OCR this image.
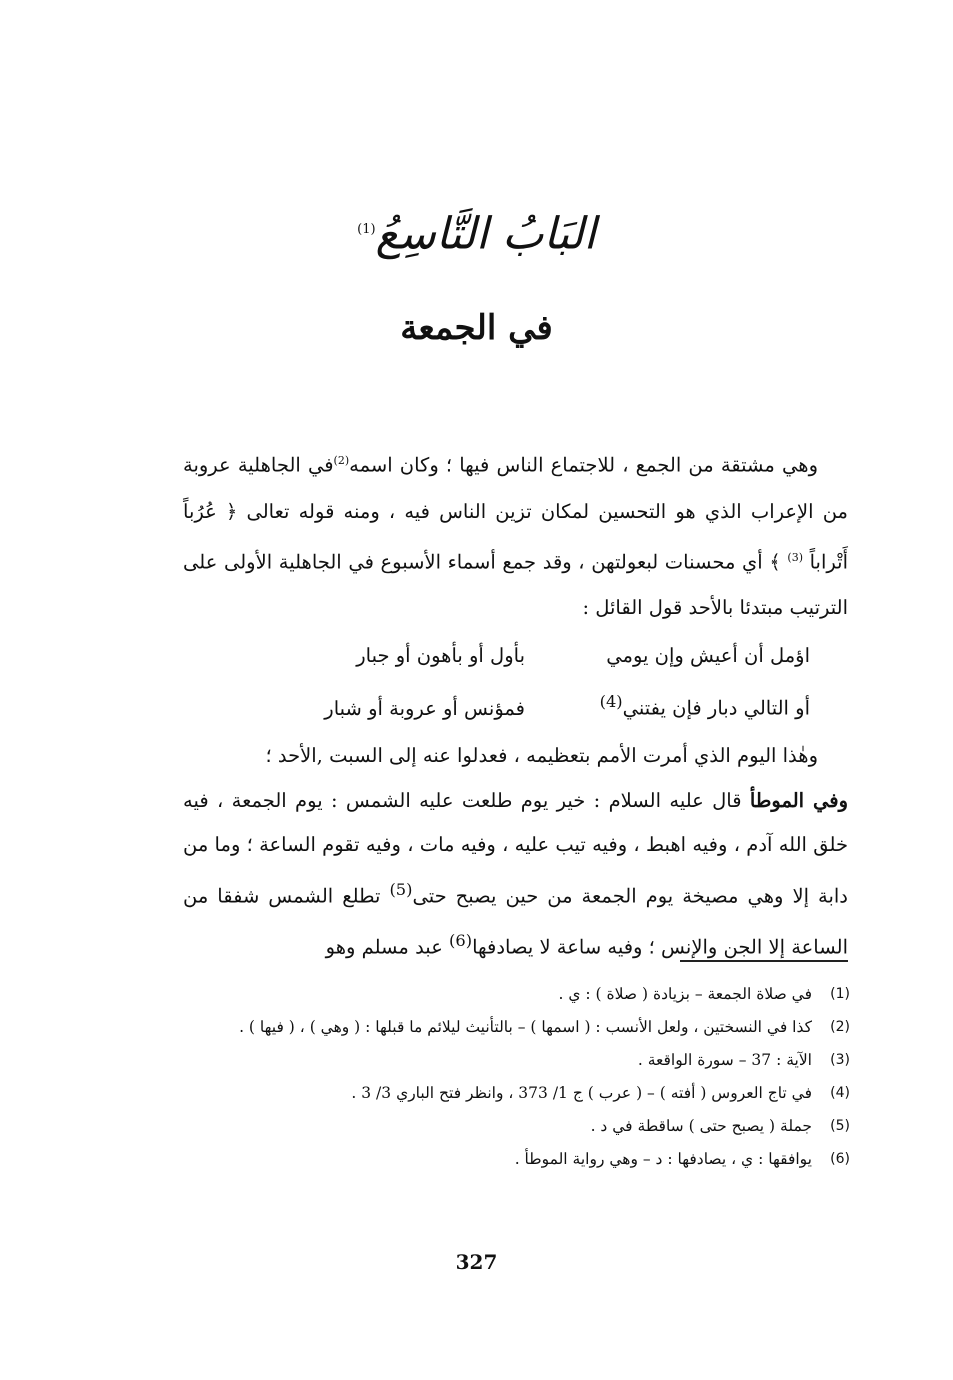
البَابُ التَّاسِعُ$^{(1)}$
في الجمعة

وهي مشتقة من الجمع ، للاجتماع الناس فيها ؛ وكان اسمه$^{(2)}$في الجاهلية عروبة من الإعراب الذي هو التحسين لمكان تزين الناس فيه ، ومنه قوله تعالى ﴿ عُرُباً أَتْراباً $^{(3)}$ ﴾ أي محسنات لبعولتهن ، وقد جمع أسماء الأسبوع في الجاهلية الأولى على الترتيب مبتدئا بالأحد قول القائل :

اؤمل أن أعيش وإن يوميبأول أو بأهون أو جبار
أو التالي دبار فإن يفتني$^{(4)}$فمؤنس أو عروبة أو شبار

وهٰذا اليوم الذي أمرت الأمم بتعظيمه ، فعدلوا عنه إلى السبت ,الأحد ؛

وفي الموطأ قال عليه السلام : خير يوم طلعت عليه الشمس : يوم الجمعة ، فيه خلق الله آدم ، وفيه اهبط ، وفيه تيب عليه ، وفيه مات ، وفيه تقوم الساعة ؛ وما من دابة إلا وهي مصيخة يوم الجمعة من حين يصبح حتى$^{(5)}$ تطلع الشمس شفقا من الساعة إلا الجن والإنس ؛ وفيه ساعة لا يصادفها$^{(6)}$ عبد مسلم وهو

(1)
في صلاة الجمعة – بزيادة ( صلاة ) : ي .
(2)
كذا في النسختين ، ولعل الأنسب : ( اسمها ) – بالتأنيث ليلائم ما قبلها : ( وهي ) ، ( فيها ) .
(3)
الآية : 37 – سورة الواقعة .
(4)
في تاج العروس ( أفته ) – ( عرب ) ج 1/ 373 ، وانظر فتح الباري 3/ 3 .
(5)
جملة ( يصبح حتى ) ساقطة في د .
(6)
يوافقها : ي ، يصادفها : د – وهي رواية الموطأ .
327
